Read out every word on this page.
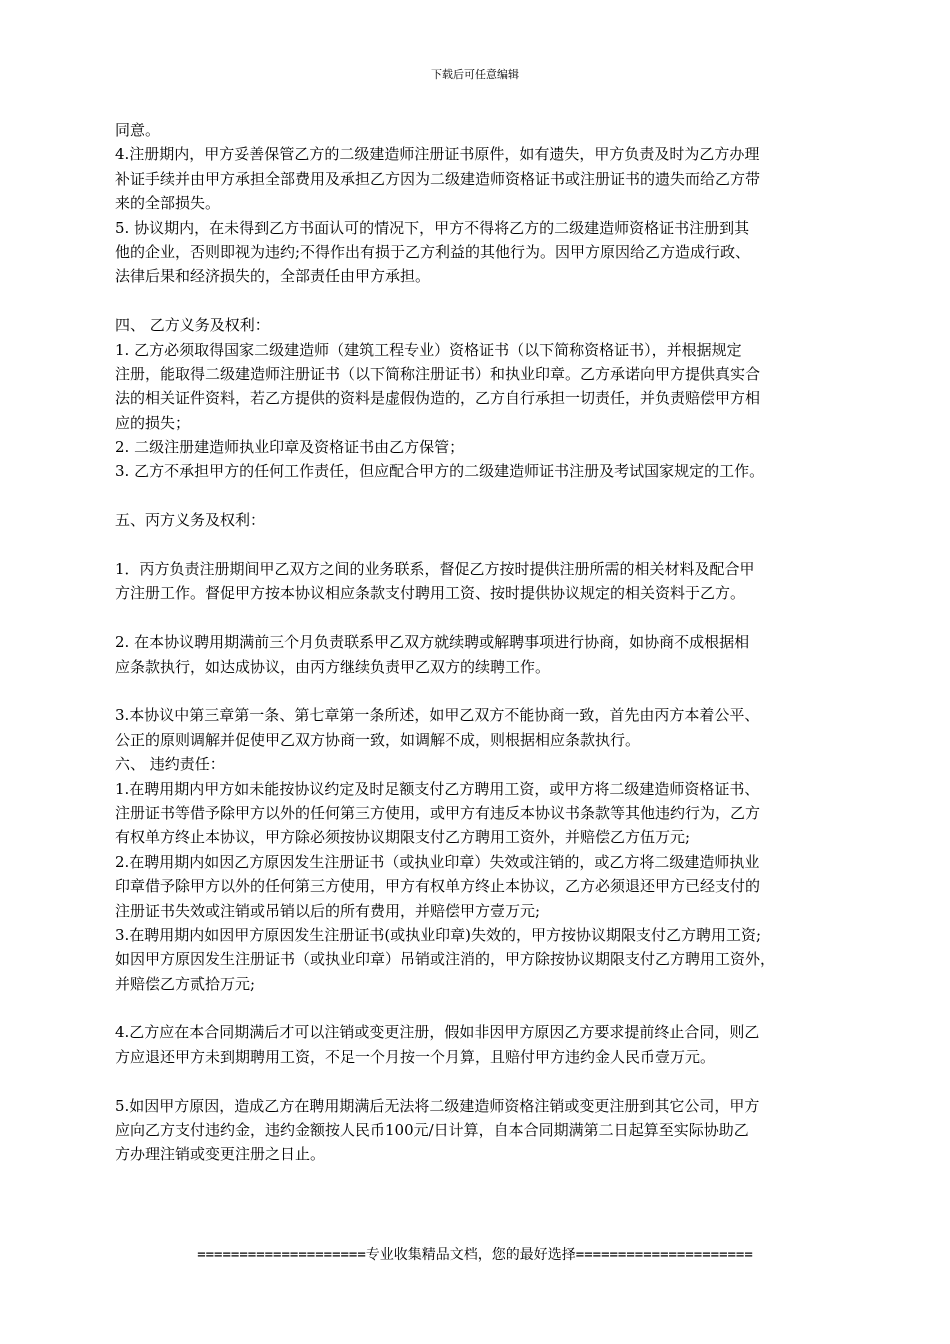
下载后可任意编辑
同意。
4.注册期内，甲方妥善保管乙方的二级建造师注册证书原件，如有遗失，甲方负责及时为乙方办理
补证手续并由甲方承担全部费用及承担乙方因为二级建造师资格证书或注册证书的遗失而给乙方带
来的全部损失。
5. 协议期内，在未得到乙方书面认可的情况下，甲方不得将乙方的二级建造师资格证书注册到其
他的企业，否则即视为违约;不得作出有损于乙方利益的其他行为。因甲方原因给乙方造成行政、
法律后果和经济损失的，全部责任由甲方承担。
四、 乙方义务及权利：
1. 乙方必须取得国家二级建造师（建筑工程专业）资格证书（以下简称资格证书），并根据规定
注册，能取得二级建造师注册证书（以下简称注册证书）和执业印章。乙方承诺向甲方提供真实合
法的相关证件资料，若乙方提供的资料是虚假伪造的，乙方自行承担一切责任，并负责赔偿甲方相
应的损失；
2. 二级注册建造师执业印章及资格证书由乙方保管；
3. 乙方不承担甲方的任何工作责任，但应配合甲方的二级建造师证书注册及考试国家规定的工作。
五、丙方义务及权利：
1．丙方负责注册期间甲乙双方之间的业务联系，督促乙方按时提供注册所需的相关材料及配合甲
方注册工作。督促甲方按本协议相应条款支付聘用工资、按时提供协议规定的相关资料于乙方。
2. 在本协议聘用期满前三个月负责联系甲乙双方就续聘或解聘事项进行协商，如协商不成根据相
应条款执行，如达成协议，由丙方继续负责甲乙双方的续聘工作。
3.本协议中第三章第一条、第七章第一条所述，如甲乙双方不能协商一致，首先由丙方本着公平、
公正的原则调解并促使甲乙双方协商一致，如调解不成，则根据相应条款执行。
六、 违约责任：
1.在聘用期内甲方如未能按协议约定及时足额支付乙方聘用工资，或甲方将二级建造师资格证书、
注册证书等借予除甲方以外的任何第三方使用，或甲方有违反本协议书条款等其他违约行为，乙方
有权单方终止本协议，甲方除必须按协议期限支付乙方聘用工资外，并赔偿乙方伍万元;
2.在聘用期内如因乙方原因发生注册证书（或执业印章）失效或注销的，或乙方将二级建造师执业
印章借予除甲方以外的任何第三方使用，甲方有权单方终止本协议，乙方必须退还甲方已经支付的
注册证书失效或注销或吊销以后的所有费用，并赔偿甲方壹万元;
3.在聘用期内如因甲方原因发生注册证书(或执业印章)失效的，甲方按协议期限支付乙方聘用工资;
如因甲方原因发生注册证书（或执业印章）吊销或注消的，甲方除按协议期限支付乙方聘用工资外，
并赔偿乙方贰拾万元;
4.乙方应在本合同期满后才可以注销或变更注册，假如非因甲方原因乙方要求提前终止合同，则乙
方应退还甲方未到期聘用工资，不足一个月按一个月算，且赔付甲方违约金人民币壹万元。
5.如因甲方原因，造成乙方在聘用期满后无法将二级建造师资格注销或变更注册到其它公司，甲方
应向乙方支付违约金，违约金额按人民币100元/日计算，自本合同期满第二日起算至实际协助乙
方办理注销或变更注册之日止。
====================专业收集精品文档，您的最好选择=====================
